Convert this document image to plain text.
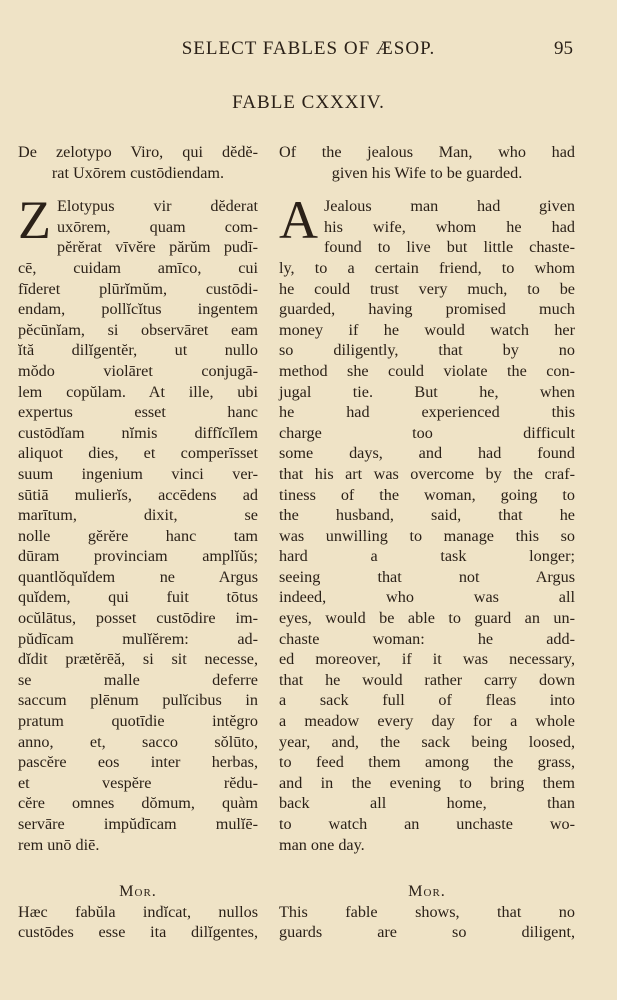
SELECT FABLES OF ÆSOP.	95
FABLE CXXXIV.
De zelotypo Viro, qui dĕdĕ-
rat Uxōrem custōdiendam.
Z Elotypus vir dĕderat
uxōrem, quam com-
pĕrĕrat vīvĕre părŭm pudī-
cē, cuidam amīco, cui
fīderet plūrĭmŭm, custōdi-
endam, pollĭcĭtus ingentem
pĕcūnĭam, si observāret eam
ĭtă dilĭgentĕr, ut nullo
mŏdo violāret conjugā-
lem copŭlam. At ille, ubi
expertus esset hanc
custōdĭam nĭmis diffĭcĭlem
aliquot dies, et comperīsset
suum ingenium vinci ver-
sūtiā mulierĭs, accēdens ad
marītum, dixit, se
nolle gĕrĕre hanc tam
dūram provinciam amplĭŭs;
quantlŏquĭdem ne Argus
quĭdem, qui fuit tōtus
ocŭlātus, posset custōdire im-
pŭdīcam mulĭĕrem: ad-
dĭdit prætĕrēă, si sit necesse,
se malle deferre
saccum plēnum pulĭcibus in
pratum quotīdie intĕgro
anno, et, sacco sŏlūto,
pascĕre eos inter herbas,
et vespĕre rĕdu-
cĕre omnes dŏmum, quàm
servāre impŭdīcam mulĭē-
rem unō diē.
Mor.
Hæc fabŭla indĭcat, nullos
custōdes esse ita dilĭgentes,
Of the jealous Man, who had
given his Wife to be guarded.
A Jealous man had given
his wife, whom he had
found to live but little chaste-
ly, to a certain friend, to whom
he could trust very much, to be
guarded, having promised much
money if he would watch her
so diligently, that by no
method she could violate the con-
jugal tie. But he, when
he had experienced this
charge too difficult
some days, and had found
that his art was overcome by the craf-
tiness of the woman, going to
the husband, said, that he
was unwilling to manage this so
hard a task longer;
seeing that not Argus
indeed, who was all
eyes, would be able to guard an un-
chaste woman: he add-
ed moreover, if it was necessary,
that he would rather carry down
a sack full of fleas into
a meadow every day for a whole
year, and, the sack being loosed,
to feed them among the grass,
and in the evening to bring them
back all home, than
to watch an unchaste wo-
man one day.
Mor.
This fable shows, that no
guards are so diligent,
